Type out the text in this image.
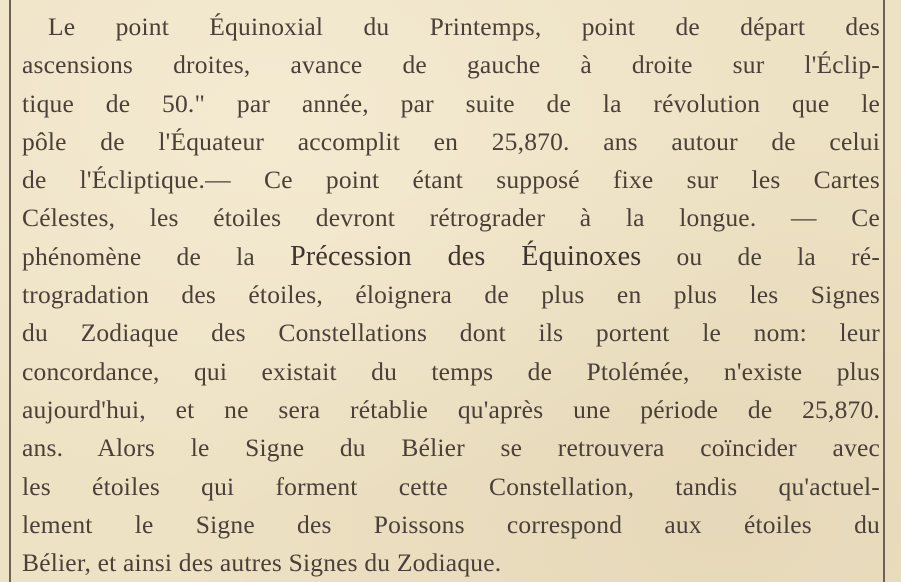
Le point Équinoxial du Printemps, point de départ des
ascensions droites, avance de gauche à droite sur l'Éclip-
tique de 50." par année, par suite de la révolution que le
pôle de l'Équateur accomplit en 25,870. ans autour de celui
de l'Écliptique.— Ce point étant supposé fixe sur les Cartes
Célestes, les étoiles devront rétrograder à la longue. — Ce
phénomène de la Précession des Équinoxes ou de la ré-
trogradation des étoiles, éloignera de plus en plus les Signes
du Zodiaque des Constellations dont ils portent le nom: leur
concordance, qui existait du temps de Ptolémée, n'existe plus
aujourd'hui, et ne sera rétablie qu'après une période de 25,870.
ans. Alors le Signe du Bélier se retrouvera coïncider avec
les étoiles qui forment cette Constellation, tandis qu'actuel-
lement le Signe des Poissons correspond aux étoiles du
Bélier, et ainsi des autres Signes du Zodiaque.
